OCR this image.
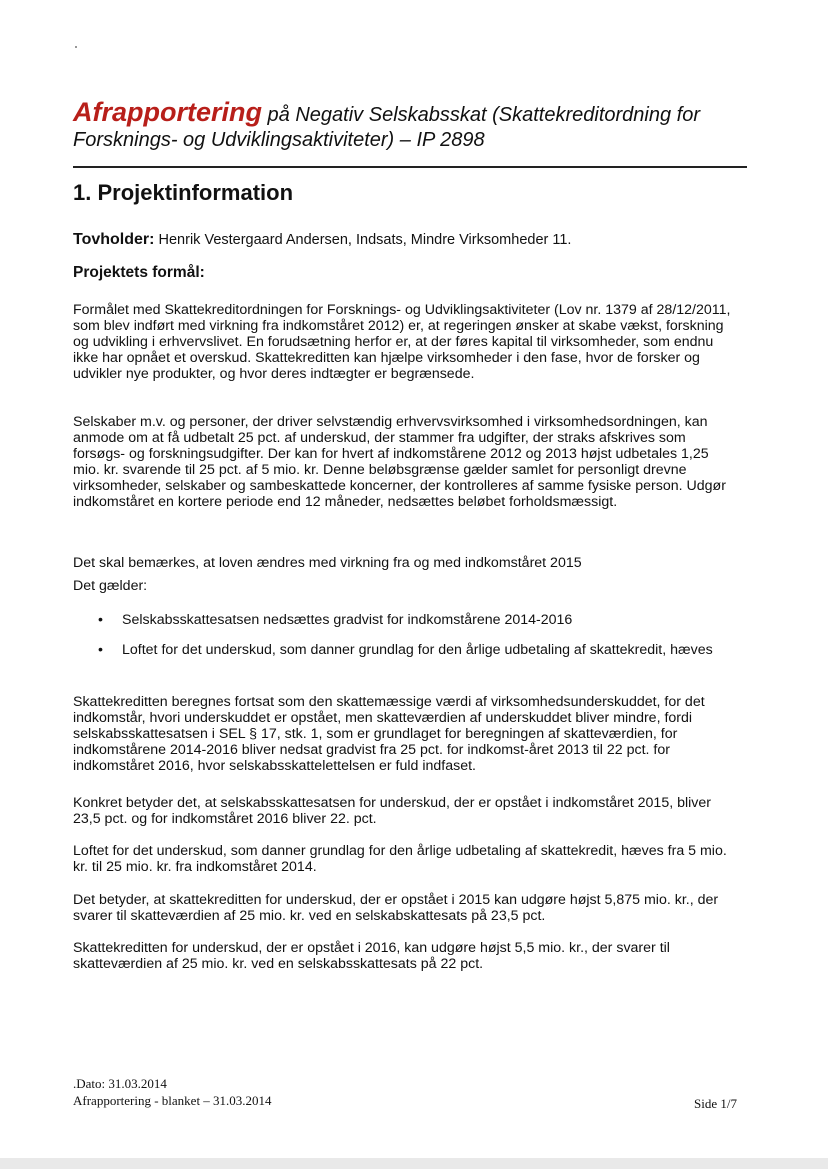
Afrapportering på Negativ Selskabsskat (Skattekreditordning for
Forsknings- og Udviklingsaktiviteter) – IP 2898
1. Projektinformation
Tovholder: Henrik Vestergaard Andersen, Indsats, Mindre Virksomheder 11.
Projektets formål:
Formålet med Skattekreditordningen for Forsknings- og Udviklingsaktiviteter (Lov nr. 1379 af 28/12/2011, som blev indført med virkning fra indkomståret 2012) er, at regeringen ønsker at skabe vækst, forskning og udvikling i erhvervslivet. En forudsætning herfor er, at der føres kapital til virksomheder, som endnu ikke har opnået et overskud. Skattekreditten kan hjælpe virksomheder i den fase, hvor de forsker og udvikler nye produkter, og hvor deres indtægter er begrænsede.
Selskaber m.v. og personer, der driver selvstændig erhvervsvirksomhed i virksomhedsordningen, kan anmode om at få udbetalt 25 pct. af underskud, der stammer fra udgifter, der straks afskrives som forsøgs- og forskningsudgifter. Der kan for hvert af indkomstårene 2012 og 2013 højst udbetales 1,25 mio. kr. svarende til 25 pct. af 5 mio. kr. Denne beløbsgrænse gælder samlet for personligt drevne virksomheder, selskaber og sambeskattede koncerner, der kontrolleres af samme fysiske person. Udgør indkomståret en kortere periode end 12 måneder, nedsættes beløbet forholdsmæssigt.
Det skal bemærkes, at loven ændres med virkning fra og med indkomståret 2015
Det gælder:
•	Selskabsskattesatsen nedsættes gradvist for indkomstårene 2014-2016
•	Loftet for det underskud, som danner grundlag for den årlige udbetaling af skattekredit, hæves
Skattekreditten beregnes fortsat som den skattemæssige værdi af virksomhedsunderskuddet, for det indkomstår, hvori underskuddet er opstået, men skatteværdien af underskuddet bliver mindre, fordi selskabsskattesatsen i SEL § 17, stk. 1, som er grundlaget for beregningen af skatteværdien, for indkomstårene 2014-2016 bliver nedsat gradvist fra 25 pct. for indkomst-året 2013 til 22 pct. for indkomståret 2016, hvor selskabsskattelettelsen er fuld indfaset.
Konkret betyder det, at selskabsskattesatsen for underskud, der er opstået i indkomståret 2015, bliver 23,5 pct. og for indkomståret 2016 bliver 22. pct.
Loftet for det underskud, som danner grundlag for den årlige udbetaling af skattekredit, hæves fra 5 mio. kr. til 25 mio. kr. fra indkomståret 2014.
Det betyder, at skattekreditten for underskud, der er opstået i 2015 kan udgøre højst 5,875 mio. kr., der svarer til skatteværdien af 25 mio. kr. ved en selskabskattesats på 23,5 pct.
Skattekreditten for underskud, der er opstået i 2016, kan udgøre højst 5,5 mio. kr., der svarer til skatteværdien af 25 mio. kr. ved en selskabsskattesats på 22 pct.
.Dato: 31.03.2014
Afrapportering - blanket – 31.03.2014	Side 1/7
